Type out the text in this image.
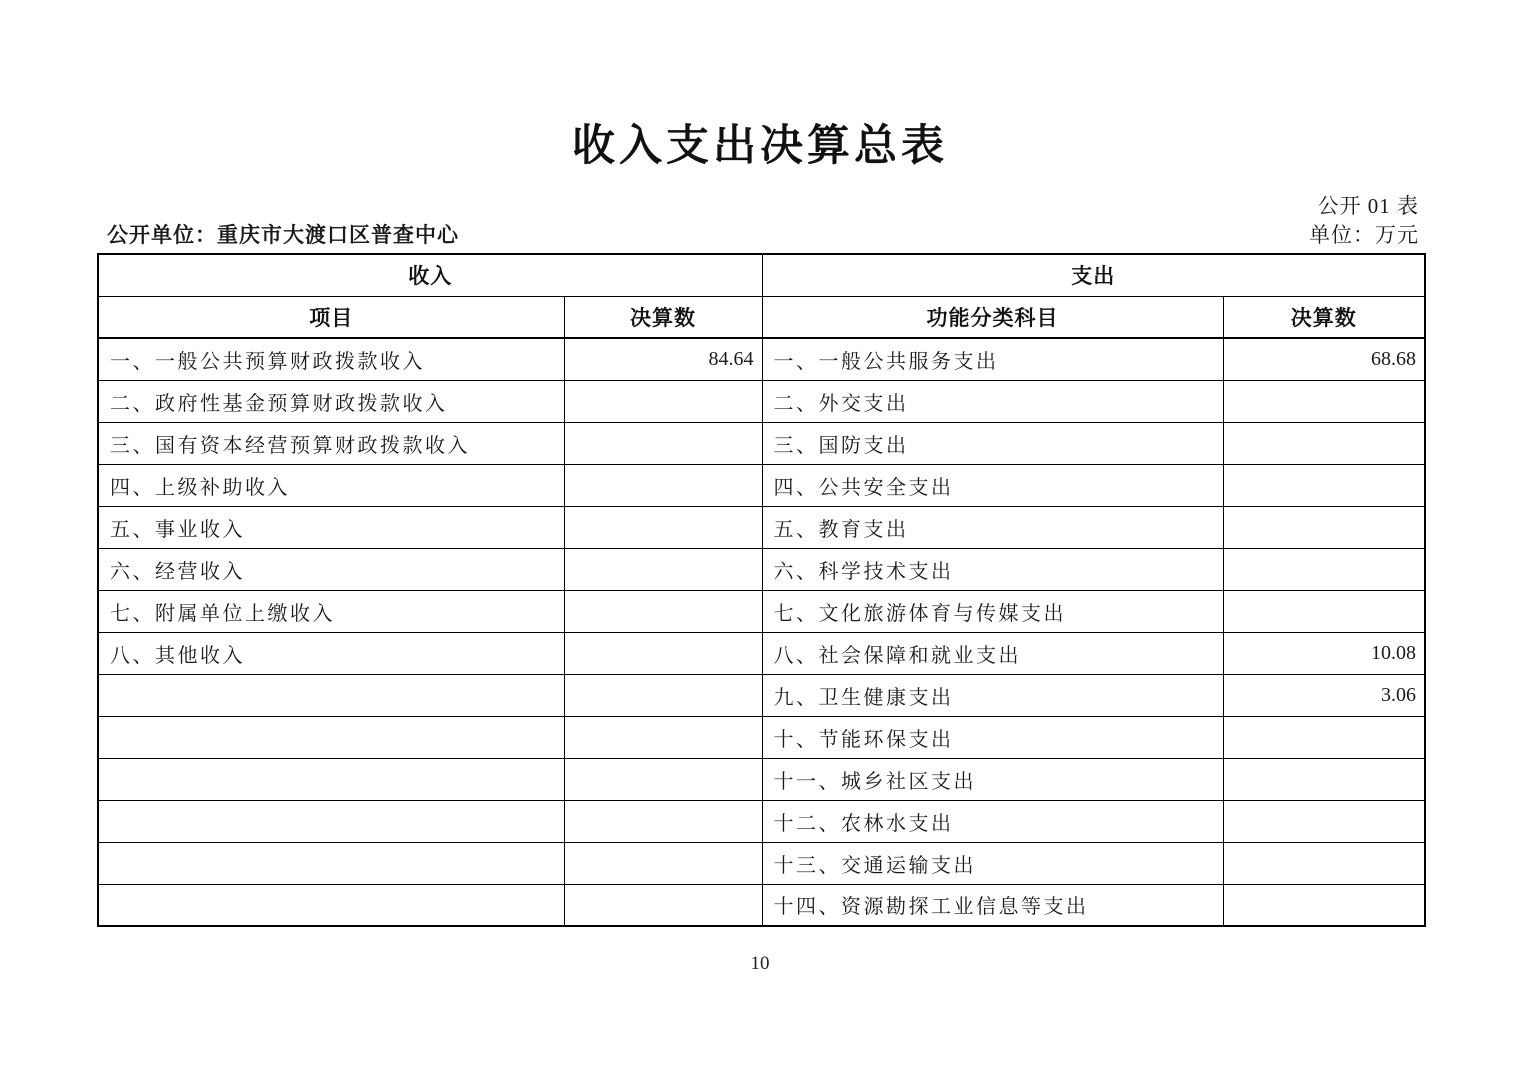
收入支出决算总表
公开 01 表
公开单位：重庆市大渡口区普查中心	单位：万元
收入		支出	
项目	决算数	功能分类科目	决算数
一、一般公共预算财政拨款收入	84.64	一、一般公共服务支出	68.68
二、政府性基金预算财政拨款收入		二、外交支出	
三、国有资本经营预算财政拨款收入		三、国防支出	
四、上级补助收入		四、公共安全支出	
五、事业收入		五、教育支出	
六、经营收入		六、科学技术支出	
七、附属单位上缴收入		七、文化旅游体育与传媒支出	
八、其他收入		八、社会保障和就业支出	10.08
		九、卫生健康支出	3.06
		十、节能环保支出	
		十一、城乡社区支出	
		十二、农林水支出	
		十三、交通运输支出	
		十四、资源勘探工业信息等支出	
10
